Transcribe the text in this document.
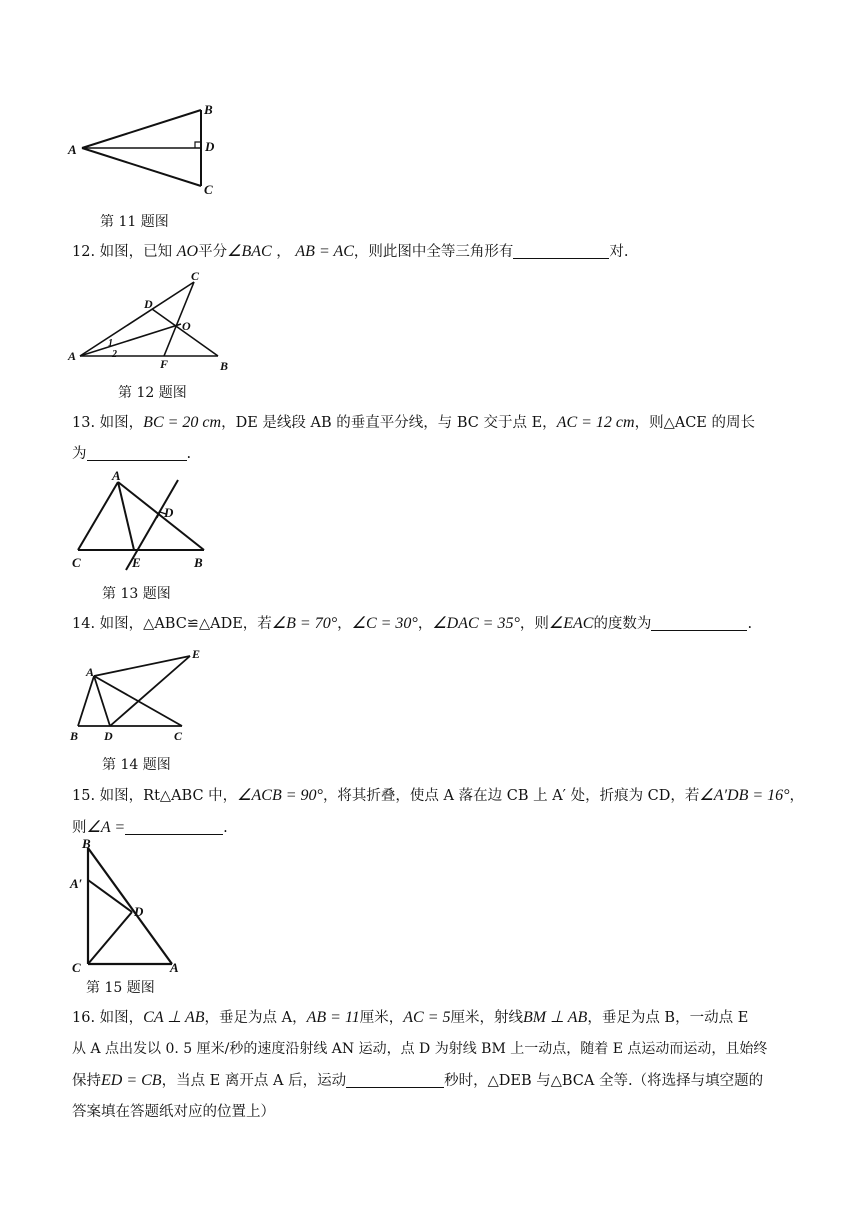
A
B
D
C
第 11 题图
12. 如图，已知 AO平分∠BAC ， AB = AC，则此图中全等三角形有	对.
C
D
O
A
F	B
1
2
第 12 题图
13. 如图，BC = 20 cm，DE 是线段 AB 的垂直平分线，与 BC 交于点 E，AC = 12 cm，则△ACE 的周长
为	.
A
D
C	E	B
第 13 题图
14. 如图，△ABC≌△ADE，若∠B = 70°，∠C = 30°，∠DAC = 35°，则∠EAC的度数为	.
A
E
B D	C
第 14 题图
15. 如图，Rt△ABC 中，∠ACB = 90°，将其折叠，使点 A 落在边 CB 上 A′ 处，折痕为 CD，若∠A′DB = 16°，
则∠A =	.
B
A′
D
C	A
第 15 题图
16. 如图，CA ⊥ AB，垂足为点 A，AB = 11厘米，AC = 5厘米，射线BM ⊥ AB，垂足为点 B，一动点 E
从 A 点出发以 0. 5 厘米/秒的速度沿射线 AN 运动，点 D 为射线 BM 上一动点，随着 E 点运动而运动，且始终
保持ED = CB，当点 E 离开点 A 后，运动	秒时，△DEB 与△BCA 全等.（将选择与填空题的
答案填在答题纸对应的位置上）
